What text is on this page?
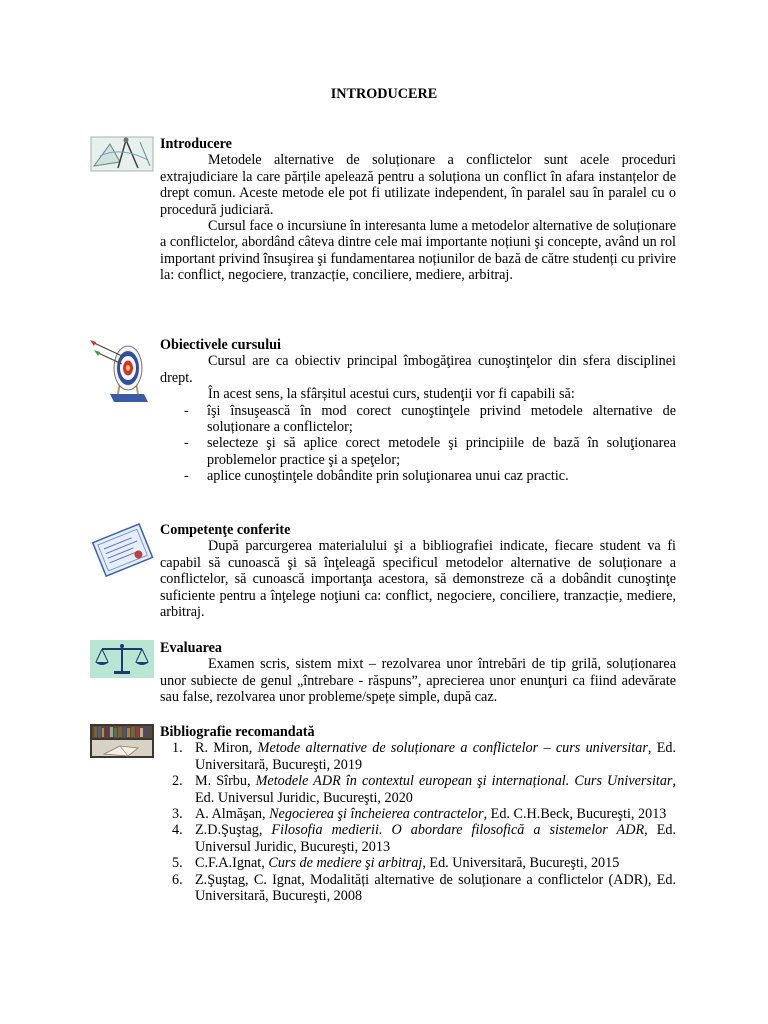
INTRODUCERE
Introducere

Metodele alternative de soluționare a conflictelor sunt acele proceduri extrajudiciare la care părțile apelează pentru a soluționa un conflict în afara instanțelor de drept comun. Aceste metode ele pot fi utilizate independent, în paralel sau în paralel cu o procedură judiciară.

Cursul face o incursiune în interesanta lume a metodelor alternative de soluționare a conflictelor, abordând câteva dintre cele mai importante noțiuni şi concepte, având un rol important privind însuşirea şi fundamentarea noțiunilor de bază de către studenți cu privire la: conflict, negociere, tranzacție, conciliere, mediere, arbitraj.

Obiectivele cursului

Cursul are ca obiectiv principal îmbogăţirea cunoştinţelor din sfera disciplinei drept.

În acest sens, la sfârșitul acestui curs, studenţii vor fi capabili să:

- îşi însuşească în mod corect cunoştinţele privind metodele alternative de soluționare a conflictelor;
- selecteze şi să aplice corect metodele şi principiile de bază în soluţionarea problemelor practice şi a speţelor;
- aplice cunoştinţele dobândite prin soluţionarea unui caz practic.
Competenţe conferite

După parcurgerea materialului şi a bibliografiei indicate, fiecare student va fi capabil să cunoască şi să înţeleagă specificul metodelor alternative de soluționare a conflictelor, să cunoască importanţa acestora, să demonstreze că a dobândit cunoştinţe suficiente pentru a înţelege noţiuni ca: conflict, negociere, conciliere, tranzacție, mediere, arbitraj.

Evaluarea

Examen scris, sistem mixt – rezolvarea unor întrebări de tip grilă, soluționarea unor subiecte de genul „întrebare - răspuns”, aprecierea unor enunţuri ca fiind adevărate sau false, rezolvarea unor probleme/spețe simple, după caz.

Bibliografie recomandată
1. R. Miron, Metode alternative de soluționare a conflictelor – curs universitar, Ed. Universitară, Bucureşti, 2019
2. M. Sîrbu, Metodele ADR în contextul european şi internațional. Curs Universitar, Ed. Universul Juridic, Bucureşti, 2020
3. A. Almăşan, Negocierea şi încheierea contractelor, Ed. C.H.Beck, Bucureşti, 2013
4. Z.D.Şuştag, Filosofia medierii. O abordare filosofică a sistemelor ADR, Ed. Universul Juridic, Bucureşti, 2013
5. C.F.A.Ignat, Curs de mediere şi arbitraj, Ed. Universitară, Bucureşti, 2015
6. Z.Şuştag, C. Ignat, Modalități alternative de soluționare a conflictelor (ADR), Ed. Universitară, Bucureşti, 2008
